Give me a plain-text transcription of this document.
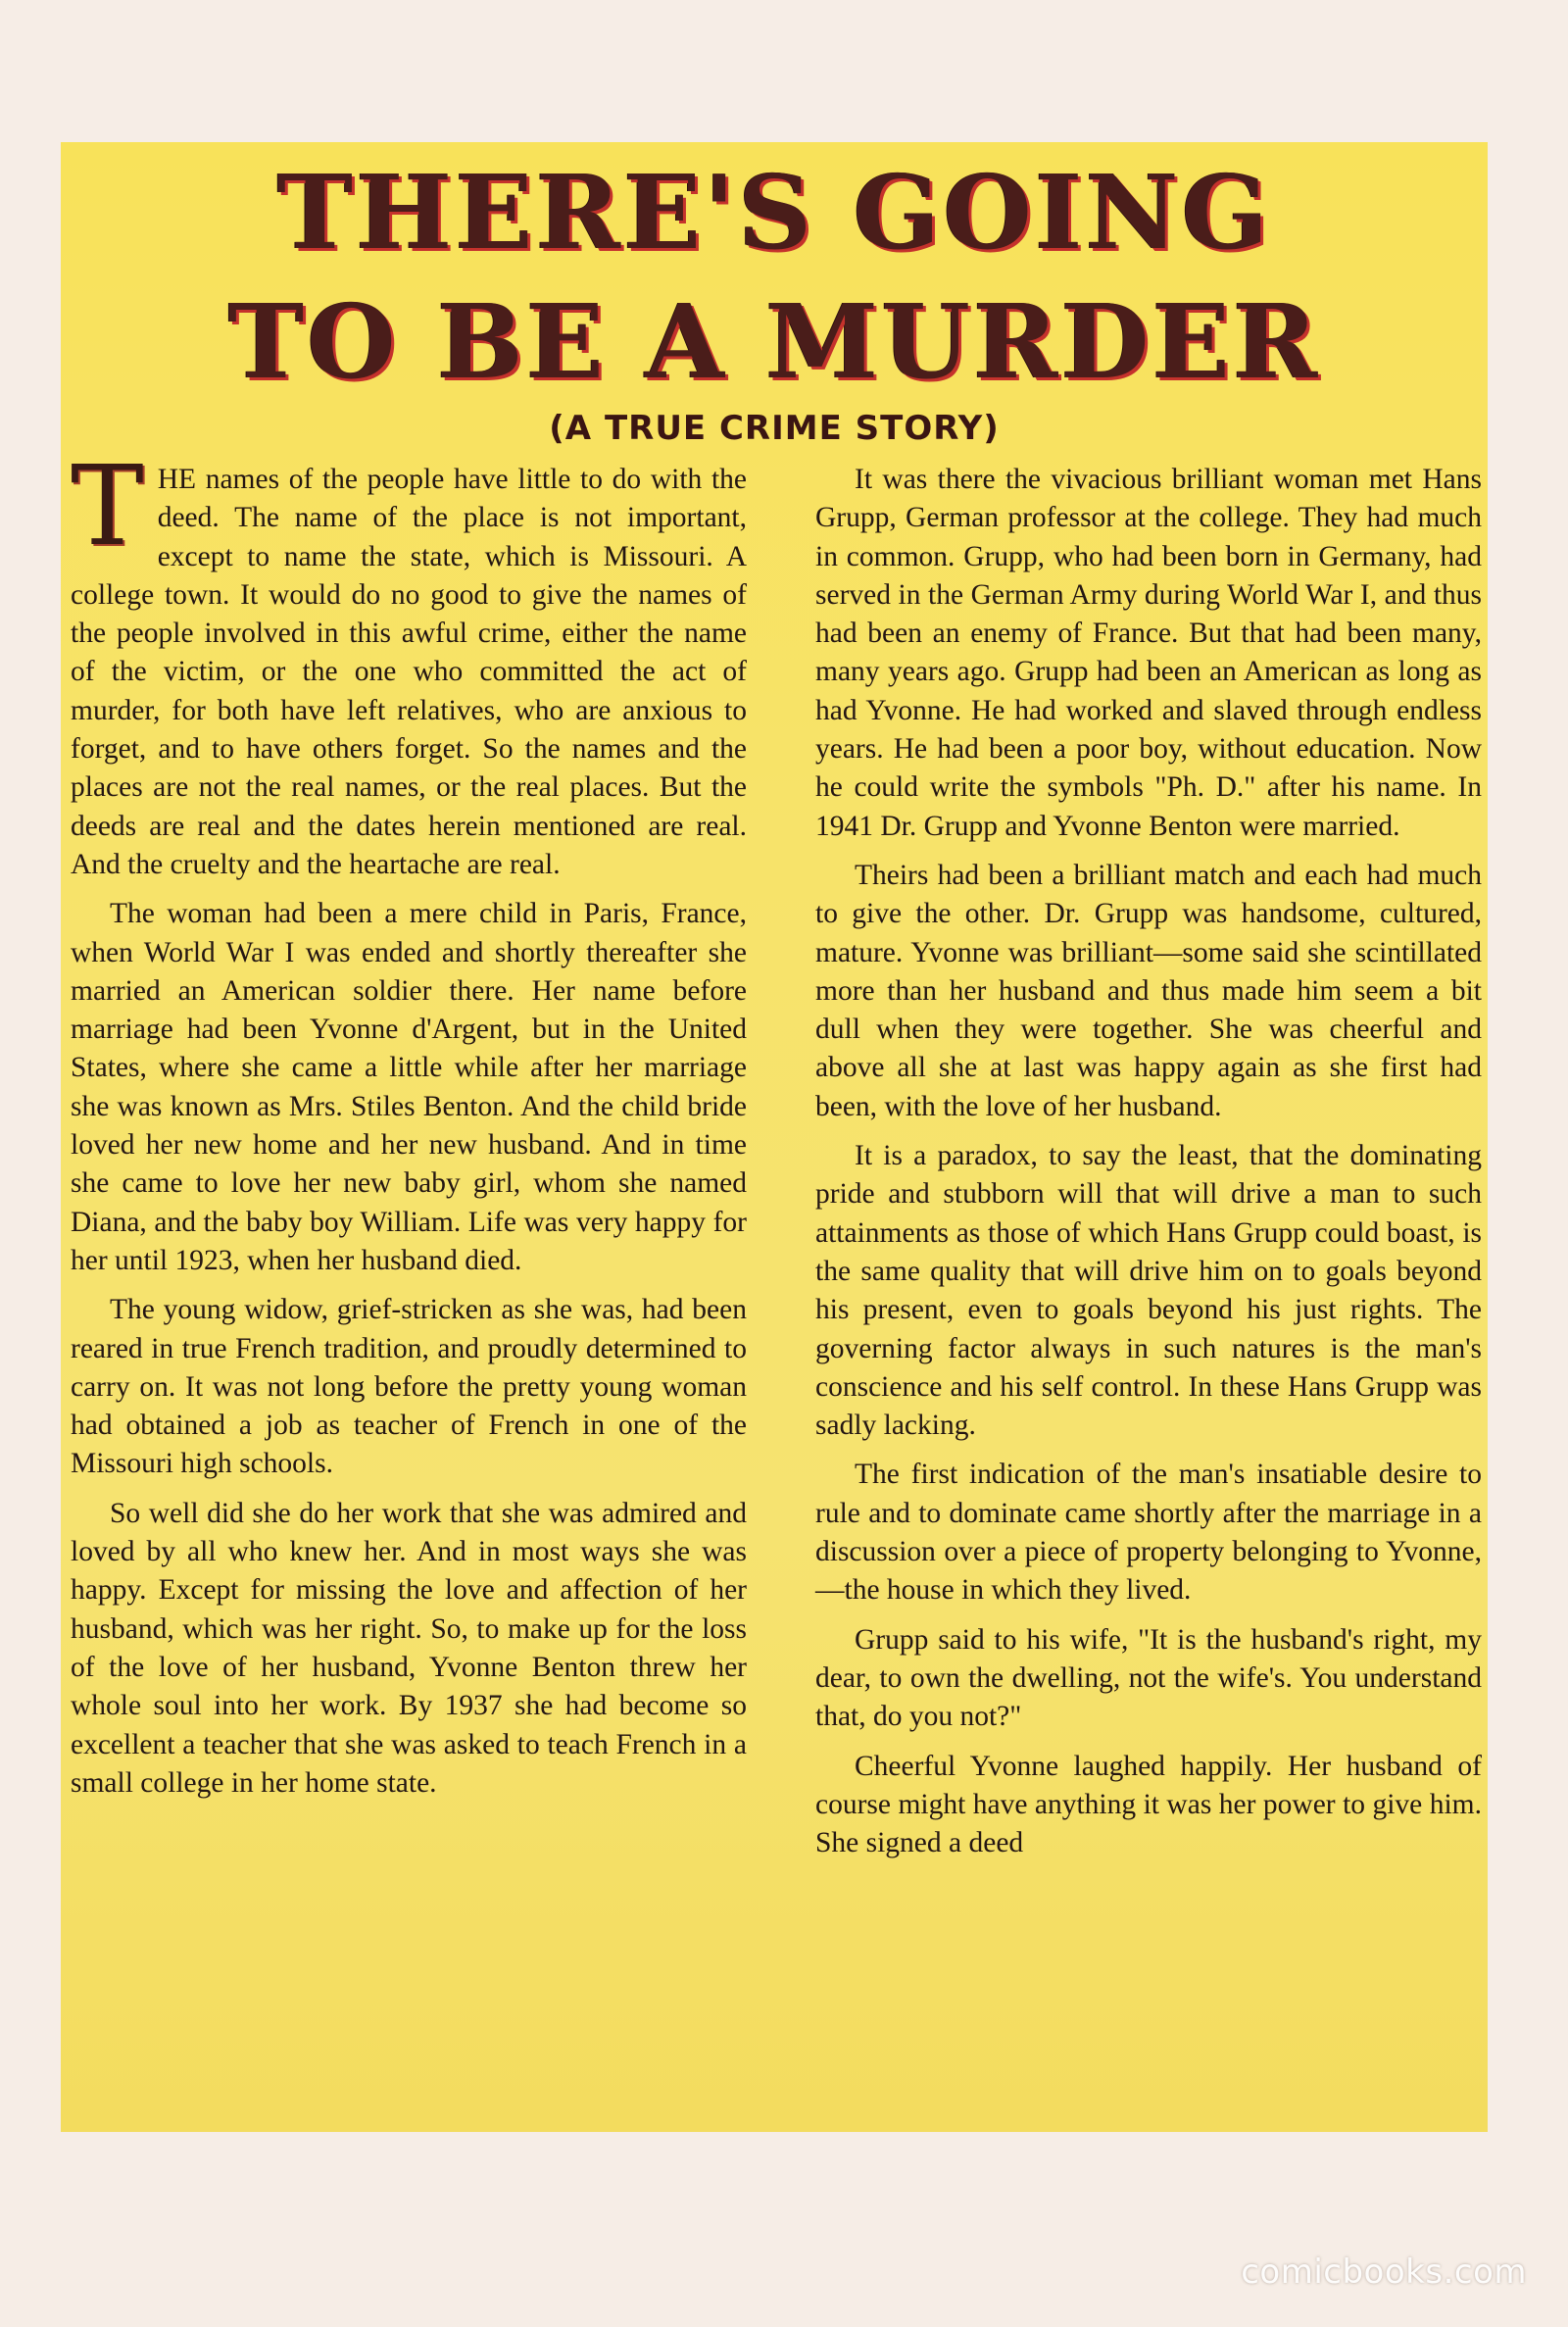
THERE'S GOING
TO BE A MURDER
(A TRUE CRIME STORY)

THE names of the people have little to do with the deed. The name of the place is not important, except to name the state, which is Missouri. A college town. It would do no good to give the names of the people involved in this awful crime, either the name of the victim, or the one who committed the act of murder, for both have left relatives, who are anxious to forget, and to have others forget. So the names and the places are not the real names, or the real places. But the deeds are real and the dates herein mentioned are real. And the cruelty and the heartache are real.

The woman had been a mere child in Paris, France, when World War I was ended and shortly thereafter she married an American soldier there. Her name before marriage had been Yvonne d'Argent, but in the United States, where she came a little while after her marriage she was known as Mrs. Stiles Benton. And the child bride loved her new home and her new husband. And in time she came to love her new baby girl, whom she named Diana, and the baby boy William. Life was very happy for her until 1923, when her husband died.

The young widow, grief-stricken as she was, had been reared in true French tradition, and proudly determined to carry on. It was not long before the pretty young woman had obtained a job as teacher of French in one of the Missouri high schools.

So well did she do her work that she was admired and loved by all who knew her. And in most ways she was happy. Except for missing the love and affection of her husband, which was her right. So, to make up for the loss of the love of her husband, Yvonne Benton threw her whole soul into her work. By 1937 she had become so excellent a teacher that she was asked to teach French in a small college in her home state.

It was there the vivacious brilliant woman met Hans Grupp, German professor at the college. They had much in common. Grupp, who had been born in Germany, had served in the German Army during World War I, and thus had been an enemy of France. But that had been many, many years ago. Grupp had been an American as long as had Yvonne. He had worked and slaved through endless years. He had been a poor boy, without education. Now he could write the symbols "Ph. D." after his name. In 1941 Dr. Grupp and Yvonne Benton were married.

Theirs had been a brilliant match and each had much to give the other. Dr. Grupp was handsome, cultured, mature. Yvonne was brilliant—some said she scintillated more than her husband and thus made him seem a bit dull when they were together. She was cheerful and above all she at last was happy again as she first had been, with the love of her husband.

It is a paradox, to say the least, that the dominating pride and stubborn will that will drive a man to such attainments as those of which Hans Grupp could boast, is the same quality that will drive him on to goals beyond his present, even to goals beyond his just rights. The governing factor always in such natures is the man's conscience and his self control. In these Hans Grupp was sadly lacking.

The first indication of the man's insatiable desire to rule and to dominate came shortly after the marriage in a discussion over a piece of property belonging to Yvonne,—the house in which they lived.

Grupp said to his wife, "It is the husband's right, my dear, to own the dwelling, not the wife's. You understand that, do you not?"

Cheerful Yvonne laughed happily. Her husband of course might have anything it was her power to give him. She signed a deed

comicbooks.com
